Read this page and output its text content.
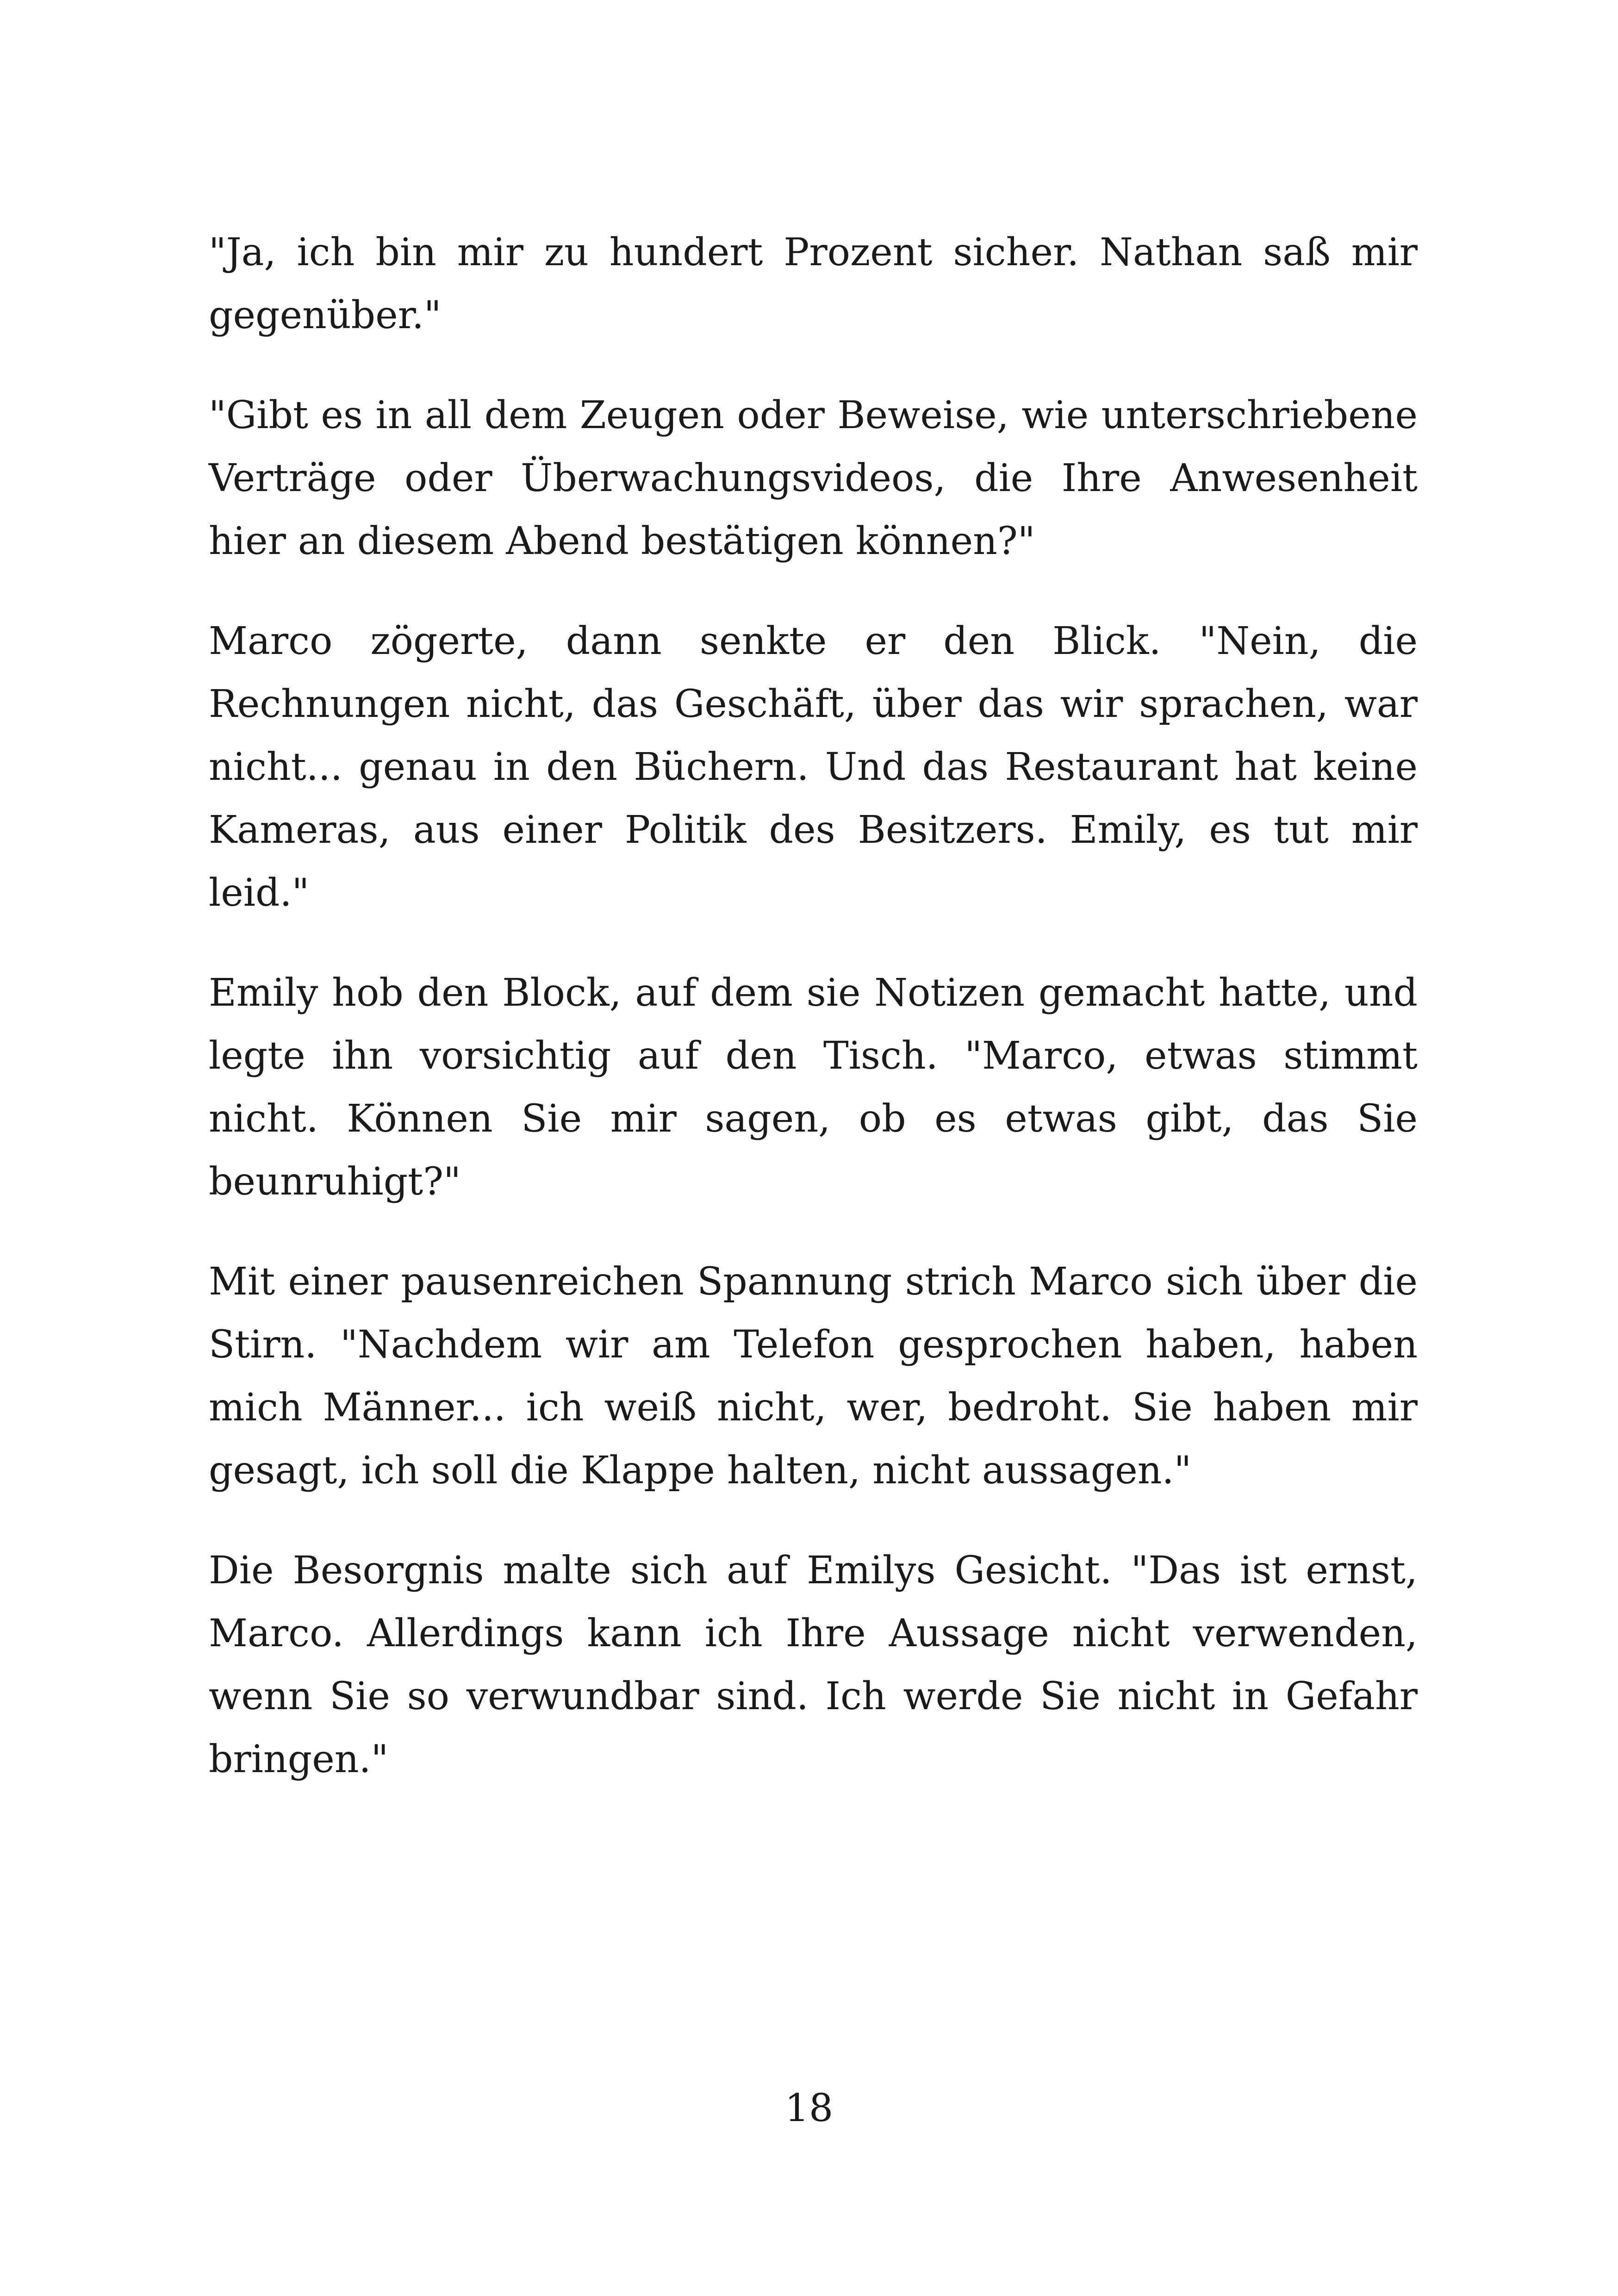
"Ja, ich bin mir zu hundert Prozent sicher. Nathan saß mir gegenüber."

"Gibt es in all dem Zeugen oder Beweise, wie unterschriebene Verträge oder Überwachungsvideos, die Ihre Anwesenheit hier an diesem Abend bestätigen können?"

Marco zögerte, dann senkte er den Blick. "Nein, die Rechnungen nicht, das Geschäft, über das wir sprachen, war nicht... genau in den Büchern. Und das Restaurant hat keine Kameras, aus einer Politik des Besitzers. Emily, es tut mir leid."

Emily hob den Block, auf dem sie Notizen gemacht hatte, und legte ihn vorsichtig auf den Tisch. "Marco, etwas stimmt nicht. Können Sie mir sagen, ob es etwas gibt, das Sie beunruhigt?"

Mit einer pausenreichen Spannung strich Marco sich über die Stirn. "Nachdem wir am Telefon gesprochen haben, haben mich Männer... ich weiß nicht, wer, bedroht. Sie haben mir gesagt, ich soll die Klappe halten, nicht aussagen."

Die Besorgnis malte sich auf Emilys Gesicht. "Das ist ernst, Marco. Allerdings kann ich Ihre Aussage nicht verwenden, wenn Sie so verwundbar sind. Ich werde Sie nicht in Gefahr bringen."

18
